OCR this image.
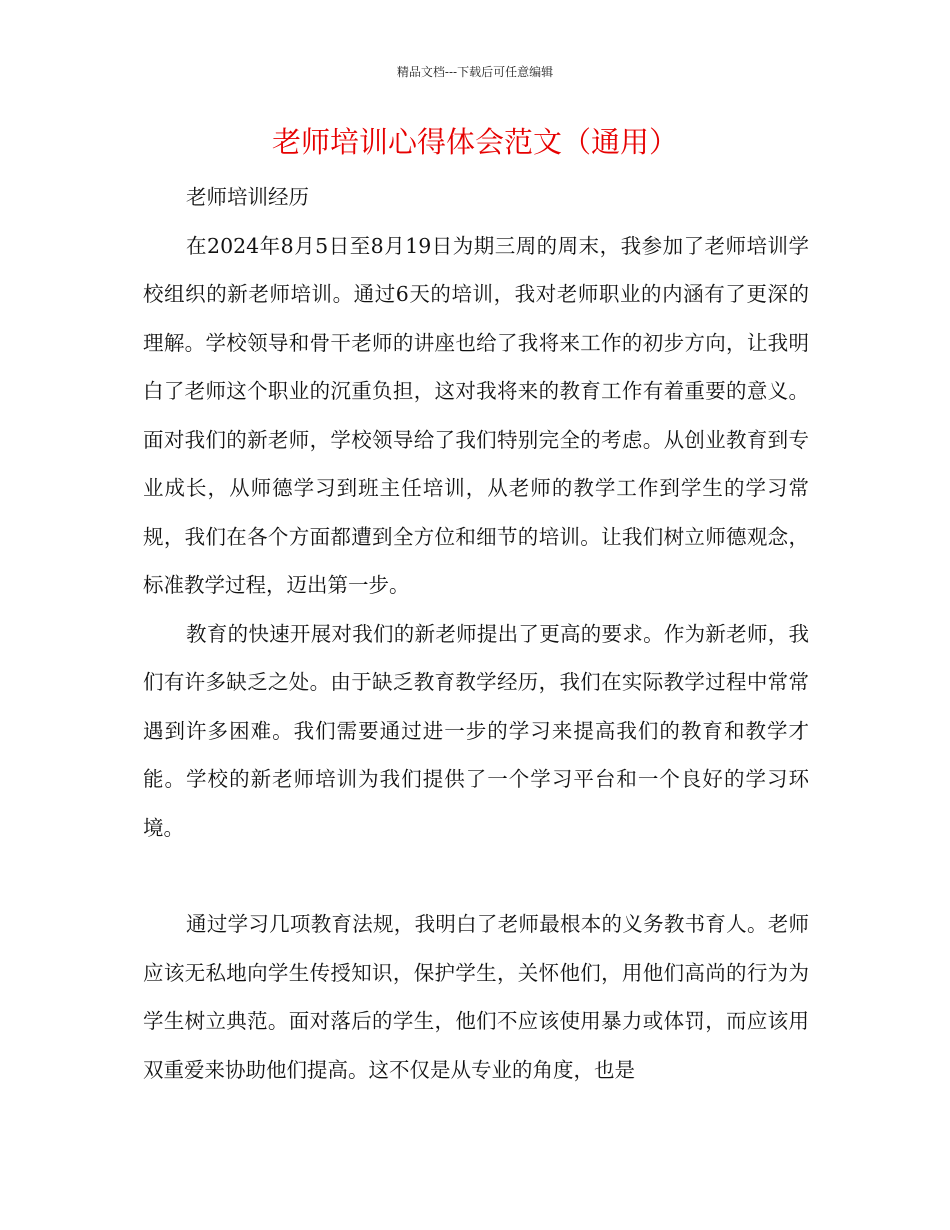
精品文档---下载后可任意编辑
老师培训心得体会范文（通用）

老师培训经历

在2024年8月5日至8月19日为期三周的周末，我参加了老师培训学校组织的新老师培训。通过6天的培训，我对老师职业的内涵有了更深的理解。学校领导和骨干老师的讲座也给了我将来工作的初步方向，让我明白了老师这个职业的沉重负担，这对我将来的教育工作有着重要的意义。面对我们的新老师，学校领导给了我们特别完全的考虑。从创业教育到专业成长，从师德学习到班主任培训，从老师的教学工作到学生的学习常规，我们在各个方面都遭到全方位和细节的培训。让我们树立师德观念，标准教学过程，迈出第一步。

教育的快速开展对我们的新老师提出了更高的要求。作为新老师，我们有许多缺乏之处。由于缺乏教育教学经历，我们在实际教学过程中常常遇到许多困难。我们需要通过进一步的学习来提高我们的教育和教学才能。学校的新老师培训为我们提供了一个学习平台和一个良好的学习环境。

通过学习几项教育法规，我明白了老师最根本的义务教书育人。老师应该无私地向学生传授知识，保护学生，关怀他们，用他们高尚的行为为学生树立典范。面对落后的学生，他们不应该使用暴力或体罚，而应该用双重爱来协助他们提高。这不仅是从专业的角度，也是
